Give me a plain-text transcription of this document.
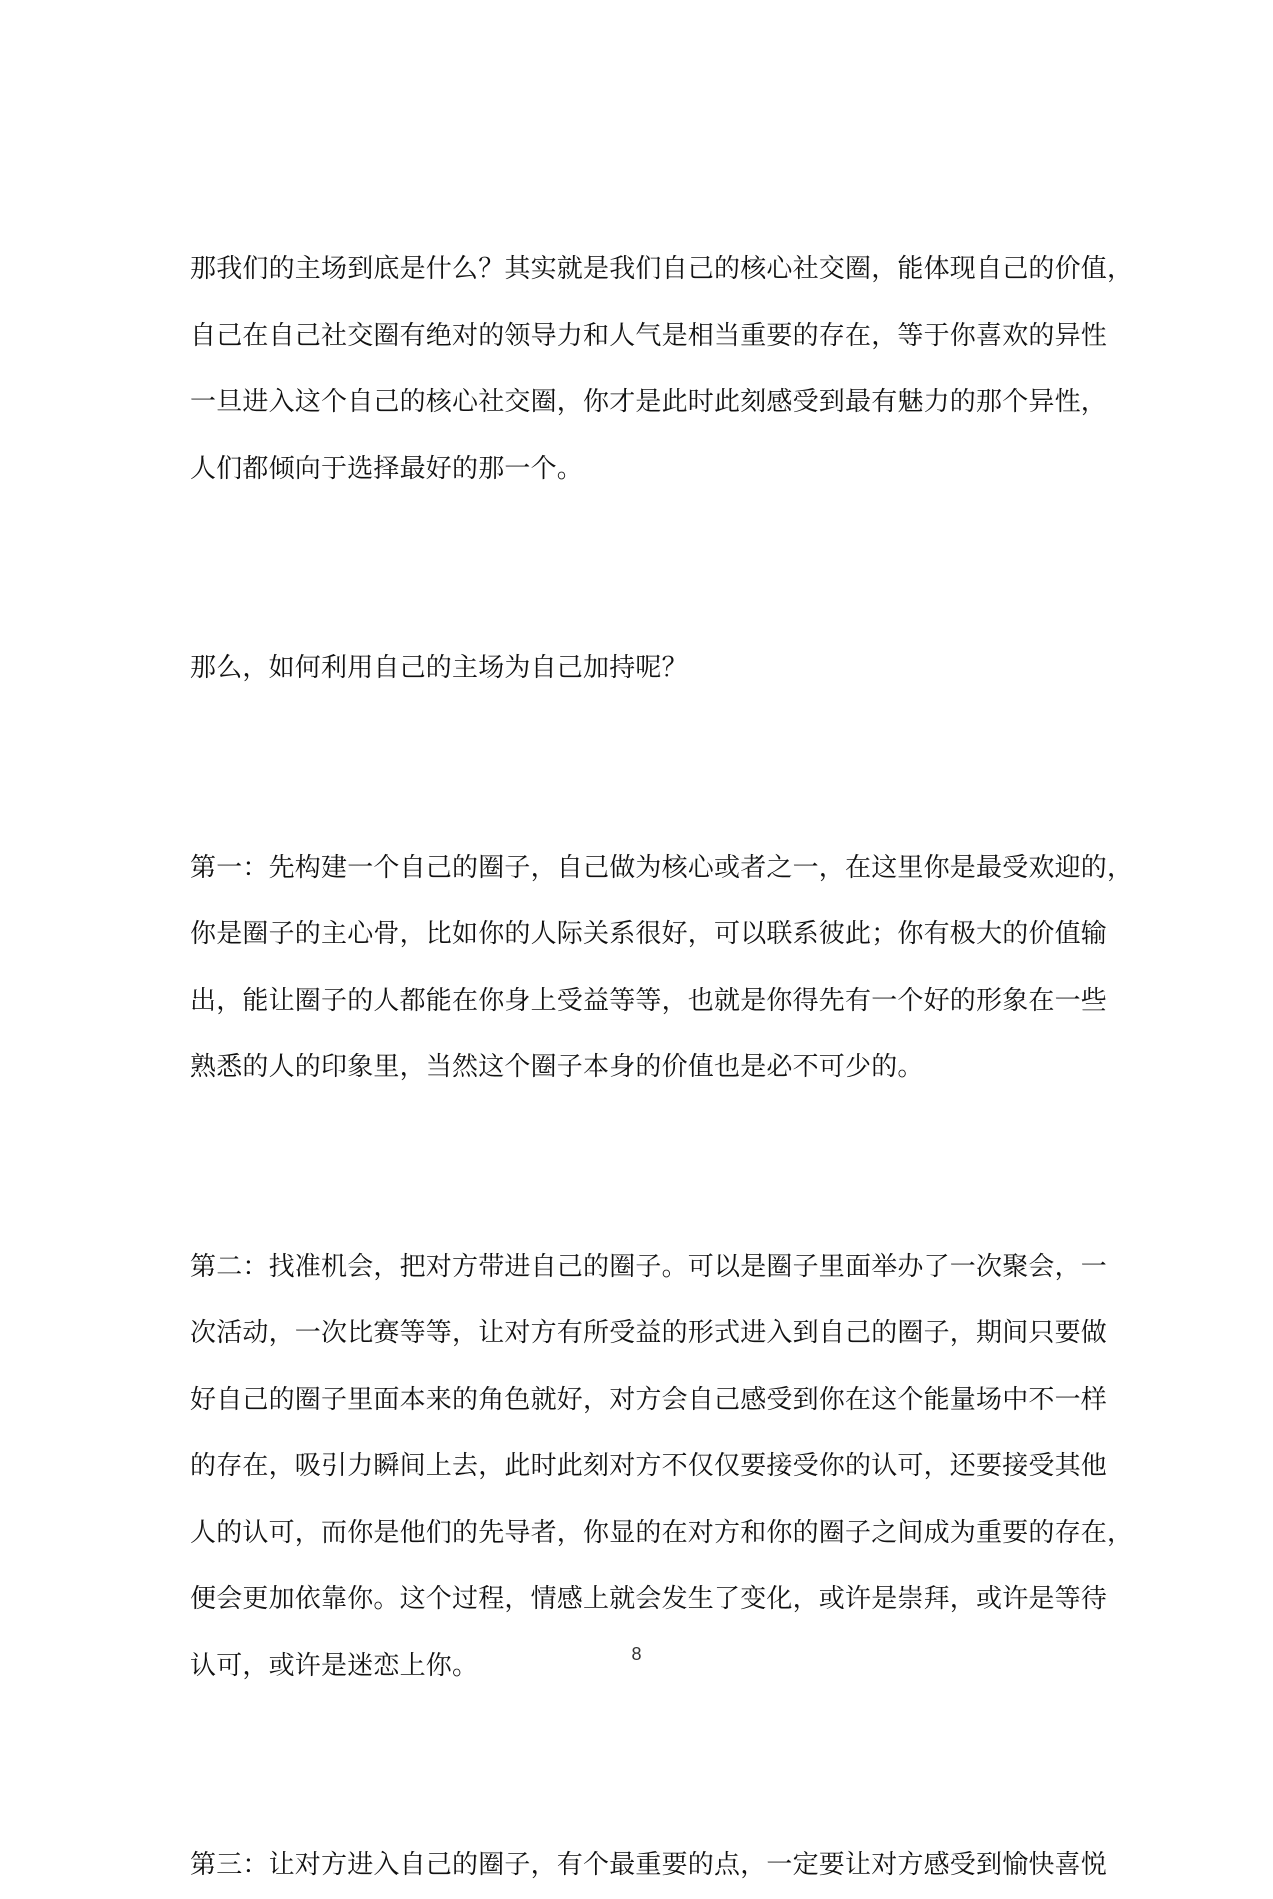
那我们的主场到底是什么？其实就是我们自己的核心社交圈，能体现自己的价值，
自己在自己社交圈有绝对的领导力和人气是相当重要的存在，等于你喜欢的异性
一旦进入这个自己的核心社交圈，你才是此时此刻感受到最有魅力的那个异性，
人们都倾向于选择最好的那一个。
那么，如何利用自己的主场为自己加持呢？
第一：先构建一个自己的圈子，自己做为核心或者之一，在这里你是最受欢迎的，
你是圈子的主心骨，比如你的人际关系很好，可以联系彼此；你有极大的价值输
出，能让圈子的人都能在你身上受益等等，也就是你得先有一个好的形象在一些
熟悉的人的印象里，当然这个圈子本身的价值也是必不可少的。
第二：找准机会，把对方带进自己的圈子。可以是圈子里面举办了一次聚会，一
次活动，一次比赛等等，让对方有所受益的形式进入到自己的圈子，期间只要做
好自己的圈子里面本来的角色就好，对方会自己感受到你在这个能量场中不一样
的存在，吸引力瞬间上去，此时此刻对方不仅仅要接受你的认可，还要接受其他
人的认可，而你是他们的先导者，你显的在对方和你的圈子之间成为重要的存在，
便会更加依靠你。这个过程，情感上就会发生了变化，或许是崇拜，或许是等待
认可，或许是迷恋上你。
第三：让对方进入自己的圈子，有个最重要的点，一定要让对方感受到愉快喜悦
8
